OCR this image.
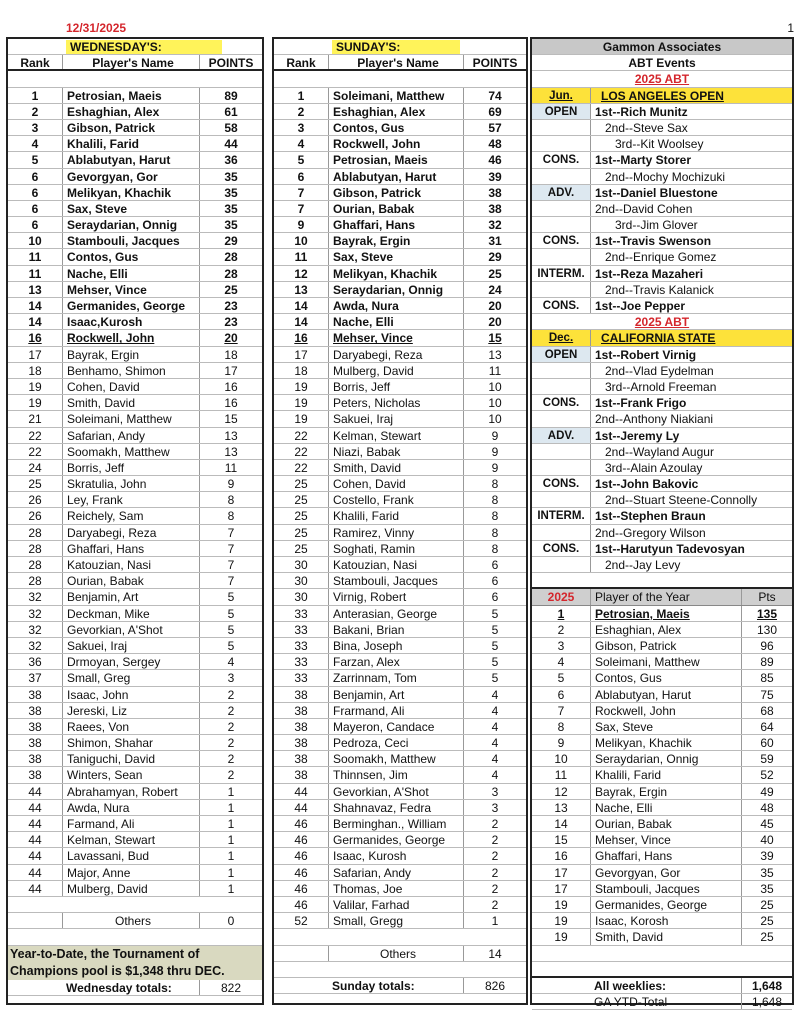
12/31/2025	1
WEDNESDAY'S:
Rank	Player's Name	POINTS
1	Petrosian, Maeis	89
2	Eshaghian, Alex	61
3	Gibson, Patrick	58
4	Khalili, Farid	44
5	Ablabutyan, Harut	36
6	Gevorgyan, Gor	35
6	Melikyan, Khachik	35
6	Sax, Steve	35
6	Seraydarian, Onnig	35
10	Stambouli, Jacques	29
11	Contos, Gus	28
11	Nache, Elli	28
13	Mehser, Vince	25
14	Germanides, George	23
14	Isaac,Kurosh	23
16	Rockwell, John	20
17	Bayrak, Ergin	18
18	Benhamo, Shimon	17
19	Cohen, David	16
19	Smith, David	16
21	Soleimani, Matthew	15
22	Safarian, Andy	13
22	Soomakh, Matthew	13
24	Borris, Jeff	11
25	Skratulia, John	9
26	Ley, Frank	8
26	Reichely, Sam	8
28	Daryabegi, Reza	7
28	Ghaffari, Hans	7
28	Katouzian, Nasi	7
28	Ourian, Babak	7
32	Benjamin, Art	5
32	Deckman, Mike	5
32	Gevorkian, A'Shot	5
32	Sakuei, Iraj	5
36	Drmoyan, Sergey	4
37	Small, Greg	3
38	Isaac, John	2
38	Jereski, Liz	2
38	Raees, Von	2
38	Shimon, Shahar	2
38	Taniguchi, David	2
38	Winters, Sean	2
44	Abrahamyan, Robert	1
44	Awda, Nura	1
44	Farmand, Ali	1
44	Kelman, Stewart	1
44	Lavassani, Bud	1
44	Major, Anne	1
44	Mulberg, David	1
Others	0
Year-to-Date, the Tournament of
Champions pool is $1,348 thru DEC.
Wednesday totals:	822
SUNDAY'S:
Rank	Player's Name	POINTS
1	Soleimani, Matthew	74
2	Eshaghian, Alex	69
3	Contos, Gus	57
4	Rockwell, John	48
5	Petrosian, Maeis	46
6	Ablabutyan, Harut	39
7	Gibson, Patrick	38
7	Ourian, Babak	38
9	Ghaffari, Hans	32
10	Bayrak, Ergin	31
11	Sax, Steve	29
12	Melikyan, Khachik	25
13	Seraydarian, Onnig	24
14	Awda, Nura	20
14	Nache, Elli	20
16	Mehser, Vince	15
17	Daryabegi, Reza	13
18	Mulberg, David	11
19	Borris, Jeff	10
19	Peters, Nicholas	10
19	Sakuei, Iraj	10
22	Kelman, Stewart	9
22	Niazi, Babak	9
22	Smith, David	9
25	Cohen, David	8
25	Costello, Frank	8
25	Khalili, Farid	8
25	Ramirez, Vinny	8
25	Soghati, Ramin	8
30	Katouzian, Nasi	6
30	Stambouli, Jacques	6
30	Virnig, Robert	6
33	Anterasian, George	5
33	Bakani, Brian	5
33	Bina, Joseph	5
33	Farzan, Alex	5
33	Zarrinnam, Tom	5
38	Benjamin, Art	4
38	Frarmand, Ali	4
38	Mayeron, Candace	4
38	Pedroza, Ceci	4
38	Soomakh, Matthew	4
38	Thinnsen, Jim	4
44	Gevorkian, A'Shot	3
44	Shahnavaz, Fedra	3
46	Berminghan., William	2
46	Germanides, George	2
46	Isaac, Kurosh	2
46	Safarian, Andy	2
46	Thomas, Joe	2
46	Valilar, Farhad	2
52	Small, Gregg	1
Others	14
Sunday totals:	826
Gammon Associates
ABT Events
2025 ABT
Jun.	LOS ANGELES OPEN
OPEN	1st--Rich Munitz
2nd--Steve Sax
3rd--Kit Woolsey
CONS.	1st--Marty Storer
2nd--Mochy Mochizuki
ADV.	1st--Daniel Bluestone
2nd--David Cohen
3rd--Jim Glover
CONS.	1st--Travis Swenson
2nd--Enrique Gomez
INTERM. 1st--Reza Mazaheri
2nd--Travis Kalanick
CONS.	1st--Joe Pepper
2025 ABT
Dec.	CALIFORNIA STATE
OPEN	1st--Robert Virnig
2nd--Vlad Eydelman
3rd--Arnold Freeman
CONS.	1st--Frank Frigo
2nd--Anthony Niakiani
ADV.	1st--Jeremy Ly
2nd--Wayland Augur
3rd--Alain Azoulay
CONS.	1st--John Bakovic
2nd--Stuart Steene-Connolly
INTERM. 1st--Stephen Braun
2nd--Gregory Wilson
CONS.	1st--Harutyun Tadevosyan
2nd--Jay Levy
2025	Player of the Year	Pts
1	Petrosian, Maeis	135
2	Eshaghian, Alex	130
3	Gibson, Patrick	96
4	Soleimani, Matthew	89
5	Contos, Gus	85
6	Ablabutyan, Harut	75
7	Rockwell, John	68
8	Sax, Steve	64
9	Melikyan, Khachik	60
10	Seraydarian, Onnig	59
11	Khalili, Farid	52
12	Bayrak, Ergin	49
13	Nache, Elli	48
14	Ourian, Babak	45
15	Mehser, Vince	40
16	Ghaffari, Hans	39
17	Gevorgyan, Gor	35
17	Stambouli, Jacques	35
19	Germanides, George	25
19	Isaac, Korosh	25
19	Smith, David	25
All weeklies:	1,648
GA YTD-Total	1,648
